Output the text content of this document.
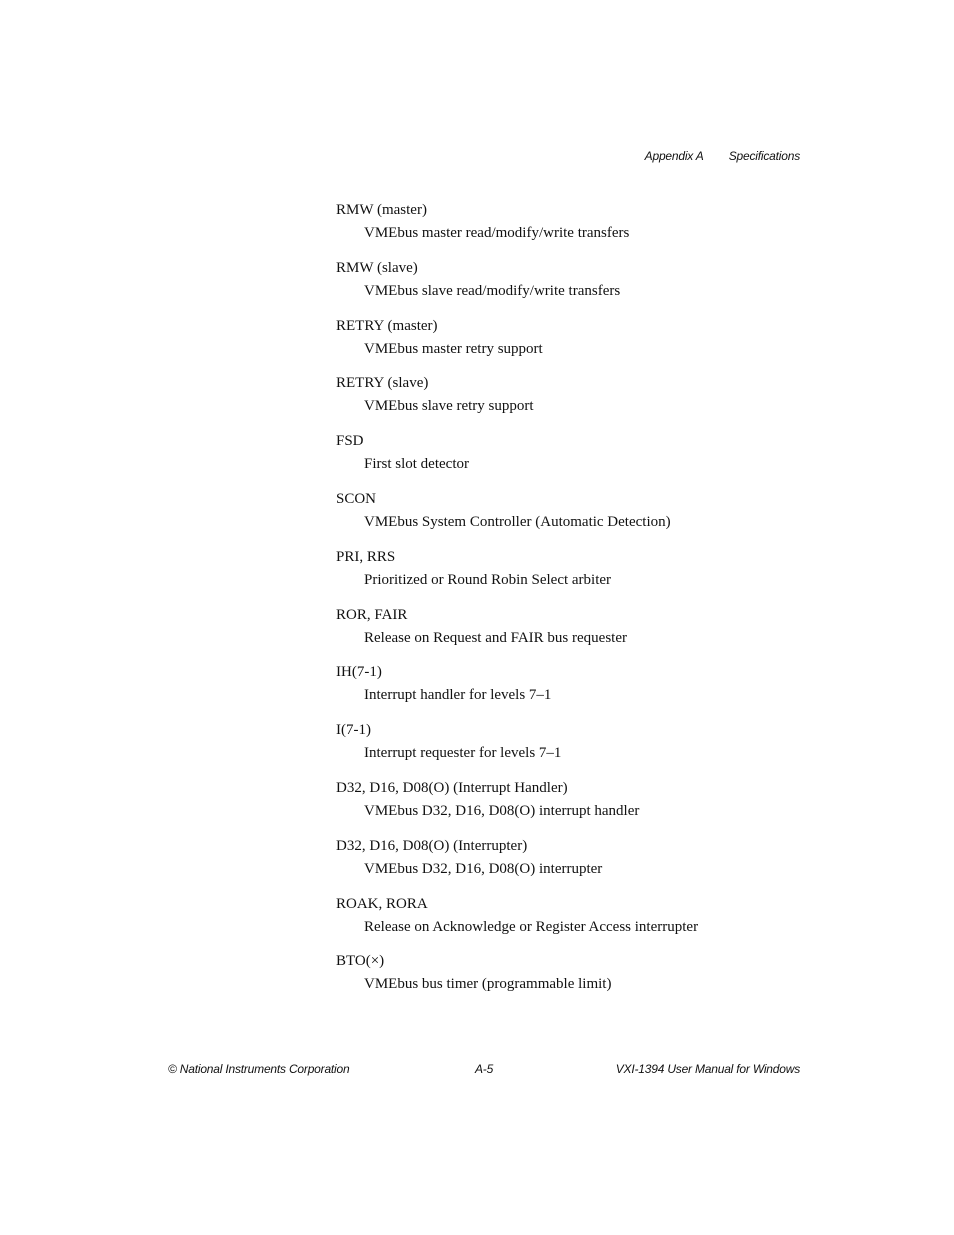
Appendix A Specifications
RMW (master)
VMEbus master read/modify/write transfers
RMW (slave)
VMEbus slave read/modify/write transfers
RETRY (master)
VMEbus master retry support
RETRY (slave)
VMEbus slave retry support
FSD
First slot detector
SCON
VMEbus System Controller (Automatic Detection)
PRI, RRS
Prioritized or Round Robin Select arbiter
ROR, FAIR
Release on Request and FAIR bus requester
IH(7-1)
Interrupt handler for levels 7–1
I(7-1)
Interrupt requester for levels 7–1
D32, D16, D08(O) (Interrupt Handler)
VMEbus D32, D16, D08(O) interrupt handler
D32, D16, D08(O) (Interrupter)
VMEbus D32, D16, D08(O) interrupter
ROAK, RORA
Release on Acknowledge or Register Access interrupter
BTO(×)
VMEbus bus timer (programmable limit)
© National Instruments Corporation	A-5	VXI-1394 User Manual for Windows
